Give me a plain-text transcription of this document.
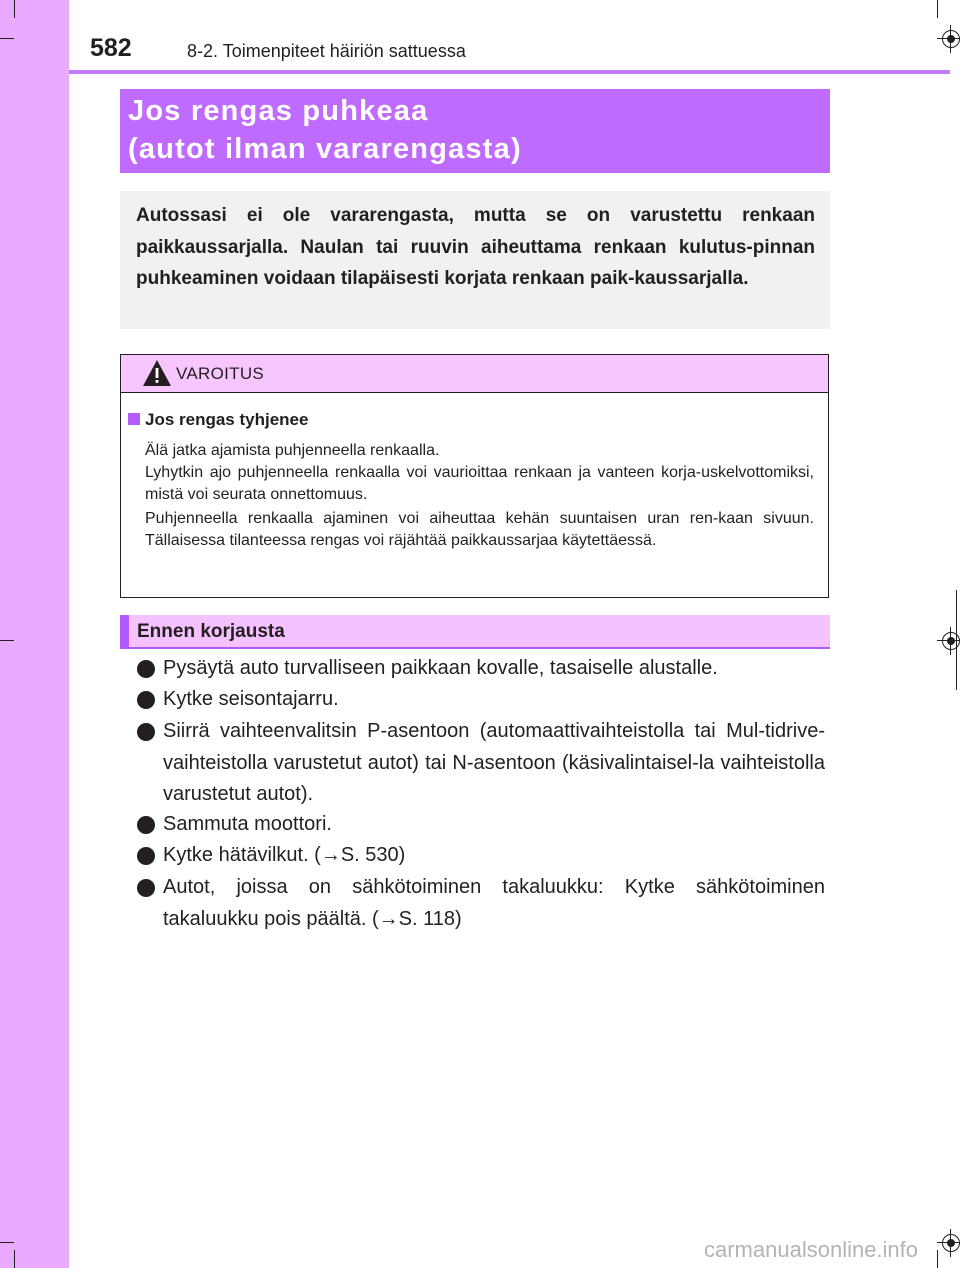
582	8-2. Toimenpiteet häiriön sattuessa
Jos rengas puhkeaa
(autot ilman vararengasta)
Autossasi ei ole vararengasta, mutta se on varustettu renkaan paikkaussarjalla. Naulan tai ruuvin aiheuttama renkaan kulutus-pinnan puhkeaminen voidaan tilapäisesti korjata renkaan paik-kaussarjalla.
VAROITUS
Jos rengas tyhjenee
Älä jatka ajamista puhjenneella renkaalla.
Lyhytkin ajo puhjenneella renkaalla voi vaurioittaa renkaan ja vanteen korja-uskelvottomiksi, mistä voi seurata onnettomuus.
Puhjenneella renkaalla ajaminen voi aiheuttaa kehän suuntaisen uran ren-kaan sivuun. Tällaisessa tilanteessa rengas voi räjähtää paikkaussarjaa käytettäessä.
Ennen korjausta
Pysäytä auto turvalliseen paikkaan kovalle, tasaiselle alustalle.
Kytke seisontajarru.
Siirrä vaihteenvalitsin P-asentoon (automaattivaihteistolla tai Mul-tidrive-vaihteistolla varustetut autot) tai N-asentoon (käsivalintaisel-la vaihteistolla varustetut autot).
Sammuta moottori.
Kytke hätävilkut. (→S. 530)
Autot, joissa on sähkötoiminen takaluukku: Kytke sähkötoiminen takaluukku pois päältä. (→S. 118)
carmanualsonline.info
